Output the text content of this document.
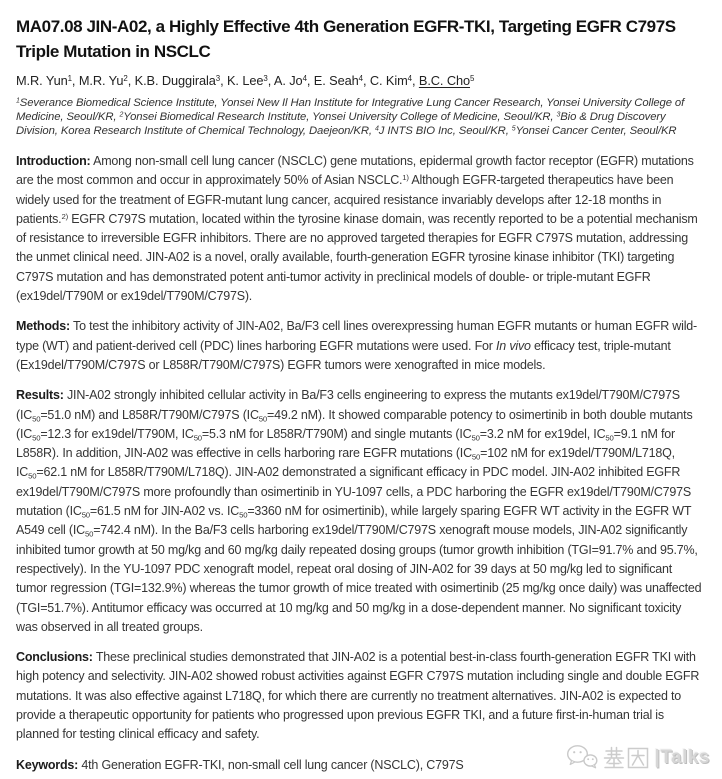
MA07.08 JIN-A02, a Highly Effective 4th Generation EGFR-TKI, Targeting EGFR C797S Triple Mutation in NSCLC

M.R. Yun$^1$, M.R. Yu$^2$, K.B. Duggirala$^3$, K. Lee$^3$, A. Jo$^4$, E. Seah$^4$, C. Kim$^4$, B.C. Cho$^5$

$^1$Severance Biomedical Science Institute, Yonsei New Il Han Institute for Integrative Lung Cancer Research, Yonsei University College of Medicine, Seoul/KR, $^2$Yonsei Biomedical Research Institute, Yonsei University College of Medicine, Seoul/KR, $^3$Bio & Drug Discovery Division, Korea Research Institute of Chemical Technology, Daejeon/KR, $^4$J INTS BIO Inc, Seoul/KR, $^5$Yonsei Cancer Center, Seoul/KR

Introduction: Among non-small cell lung cancer (NSCLC) gene mutations, epidermal growth factor receptor (EGFR) mutations are the most common and occur in approximately 50% of Asian NSCLC.$^{1)}$ Although EGFR-targeted therapeutics have been widely used for the treatment of EGFR-mutant lung cancer, acquired resistance invariably develops after 12-18 months in patients.$^{2)}$ EGFR C797S mutation, located within the tyrosine kinase domain, was recently reported to be a potential mechanism of resistance to irreversible EGFR inhibitors. There are no approved targeted therapies for EGFR C797S mutation, addressing the unmet clinical need. JIN-A02 is a novel, orally available, fourth-generation EGFR tyrosine kinase inhibitor (TKI) targeting C797S mutation and has demonstrated potent anti-tumor activity in preclinical models of double- or triple-mutant EGFR (ex19del/T790M or ex19del/T790M/C797S).

Methods: To test the inhibitory activity of JIN-A02, Ba/F3 cell lines overexpressing human EGFR mutants or human EGFR wild-type (WT) and patient-derived cell (PDC) lines harboring EGFR mutations were used. For In vivo efficacy test, triple-mutant (Ex19del/T790M/C797S or L858R/T790M/C797S) EGFR tumors were xenografted in mice models.

Results: JIN-A02 strongly inhibited cellular activity in Ba/F3 cells engineering to express the mutants ex19del/T790M/C797S ($IC_{50}=51.0$ nM) and L858R/T790M/C797S ($IC_{50}=49.2$ nM). It showed comparable potency to osimertinib in both double mutants ($IC_{50}=12.3$ for ex19del/T790M, $IC_{50}=5.3$ nM for L858R/T790M) and single mutants ($IC_{50}=3.2$ nM for ex19del, $IC_{50}=9.1$ nM for L858R). In addition, JIN-A02 was effective in cells harboring rare EGFR mutations ($IC_{50}=102$ nM for ex19del/T790M/L718Q, $IC_{50}=62.1$ nM for L858R/T790M/L718Q). JIN-A02 demonstrated a significant efficacy in PDC model. JIN-A02 inhibited EGFR ex19del/T790M/C797S more profoundly than osimertinib in YU-1097 cells, a PDC harboring the EGFR ex19del/T790M/C797S mutation ($IC_{50}=61.5$ nM for JIN-A02 vs. $IC_{50}=3360$ nM for osimertinib), while largely sparing EGFR WT activity in the EGFR WT A549 cell ($IC_{50}=742.4$ nM). In the Ba/F3 cells harboring ex19del/T790M/C797S xenograft mouse models, JIN-A02 significantly inhibited tumor growth at 50 mg/kg and 60 mg/kg daily repeated dosing groups (tumor growth inhibition (TGI=91.7% and 95.7%, respectively). In the YU-1097 PDC xenograft model, repeat oral dosing of JIN-A02 for 39 days at 50 mg/kg led to significant tumor regression (TGI=132.9%) whereas the tumor growth of mice treated with osimertinib (25 mg/kg once daily) was unaffected (TGI=51.7%). Antitumor efficacy was occurred at 10 mg/kg and 50 mg/kg in a dose-dependent manner. No significant toxicity was observed in all treated groups.

Conclusions: These preclinical studies demonstrated that JIN-A02 is a potential best-in-class fourth-generation EGFR TKI with high potency and selectivity. JIN-A02 showed robust activities against EGFR C797S mutation including single and double EGFR mutations. It was also effective against L718Q, for which there are currently no treatment alternatives. JIN-A02 is expected to provide a therapeutic opportunity for patients who progressed upon previous EGFR TKI, and a future first-in-human trial is planned for testing clinical efficacy and safety.

Keywords: 4th Generation EGFR-TKI, non-small cell lung cancer (NSCLC), C797S	|Talks
